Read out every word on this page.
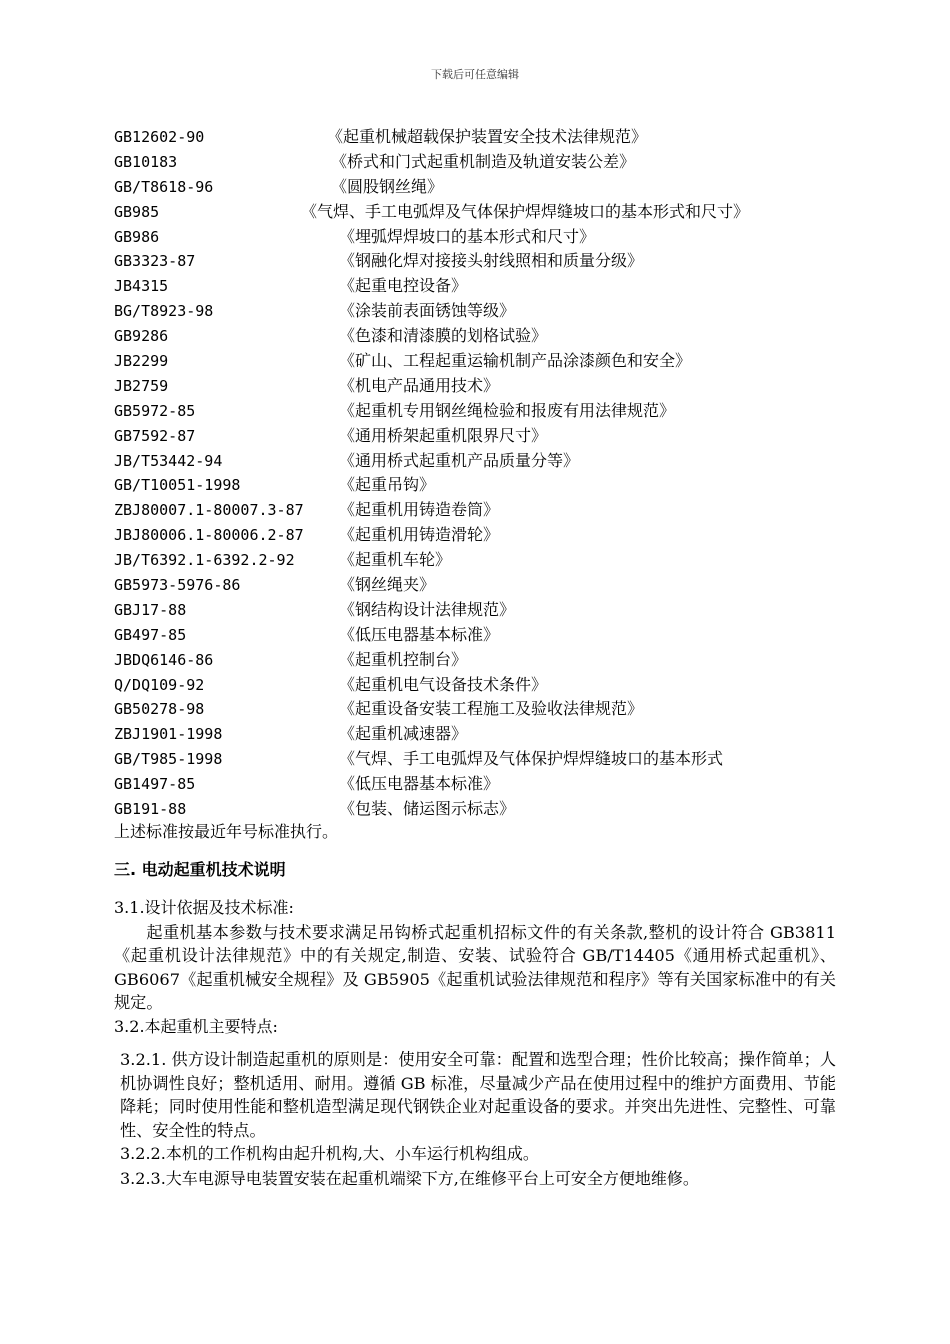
下载后可任意编辑
GB12602-90	《起重机械超载保护装置安全技术法律规范》
GB10183	《桥式和门式起重机制造及轨道安装公差》
GB/T8618-96	《圆股钢丝绳》
GB985	《气焊、手工电弧焊及气体保护焊焊缝坡口的基本形式和尺寸》
GB986	《埋弧焊焊坡口的基本形式和尺寸》
GB3323-87	《钢融化焊对接接头射线照相和质量分级》
JB4315	《起重电控设备》
BG/T8923-98	《涂装前表面锈蚀等级》
GB9286	《色漆和清漆膜的划格试验》
JB2299	《矿山、工程起重运输机制产品涂漆颜色和安全》
JB2759	《机电产品通用技术》
GB5972-85	《起重机专用钢丝绳检验和报废有用法律规范》
GB7592-87	《通用桥架起重机限界尺寸》
JB/T53442-94	《通用桥式起重机产品质量分等》
GB/T10051-1998	《起重吊钩》
ZBJ80007.1-80007.3-87 《起重机用铸造卷筒》
JBJ80006.1-80006.2-87 《起重机用铸造滑轮》
JB/T6392.1-6392.2-92	《起重机车轮》
GB5973-5976-86	《钢丝绳夹》
GBJ17-88	《钢结构设计法律规范》
GB497-85	《低压电器基本标准》
JBDQ6146-86	《起重机控制台》
Q/DQ109-92	《起重机电气设备技术条件》
GB50278-98	《起重设备安装工程施工及验收法律规范》
ZBJ1901-1998	《起重机减速器》
GB/T985-1998	《气焊、手工电弧焊及气体保护焊焊缝坡口的基本形式
GB1497-85	《低压电器基本标准》
GB191-88	《包装、储运图示标志》
上述标准按最近年号标准执行。
三. 电动起重机技术说明
3.1.设计依据及技术标准:
起重机基本参数与技术要求满足吊钩桥式起重机招标文件的有关条款,整机的设计符合 GB3811《起重机设计法律规范》中的有关规定,制造、安装、试验符合 GB/T14405《通用桥式起重机》、GB6067《起重机械安全规程》及 GB5905《起重机试验法律规范和程序》等有关国家标准中的有关规定。
3.2.本起重机主要特点:
3.2.1. 供方设计制造起重机的原则是：使用安全可靠：配置和选型合理；性价比较高；操作简单；人机协调性良好；整机适用、耐用。遵循 GB 标准，尽量减少产品在使用过程中的维护方面费用、节能降耗；同时使用性能和整机造型满足现代钢铁企业对起重设备的要求。并突出先进性、完整性、可靠性、安全性的特点。
3.2.2.本机的工作机构由起升机构,大、小车运行机构组成。
3.2.3.大车电源导电装置安装在起重机端梁下方,在维修平台上可安全方便地维修。
